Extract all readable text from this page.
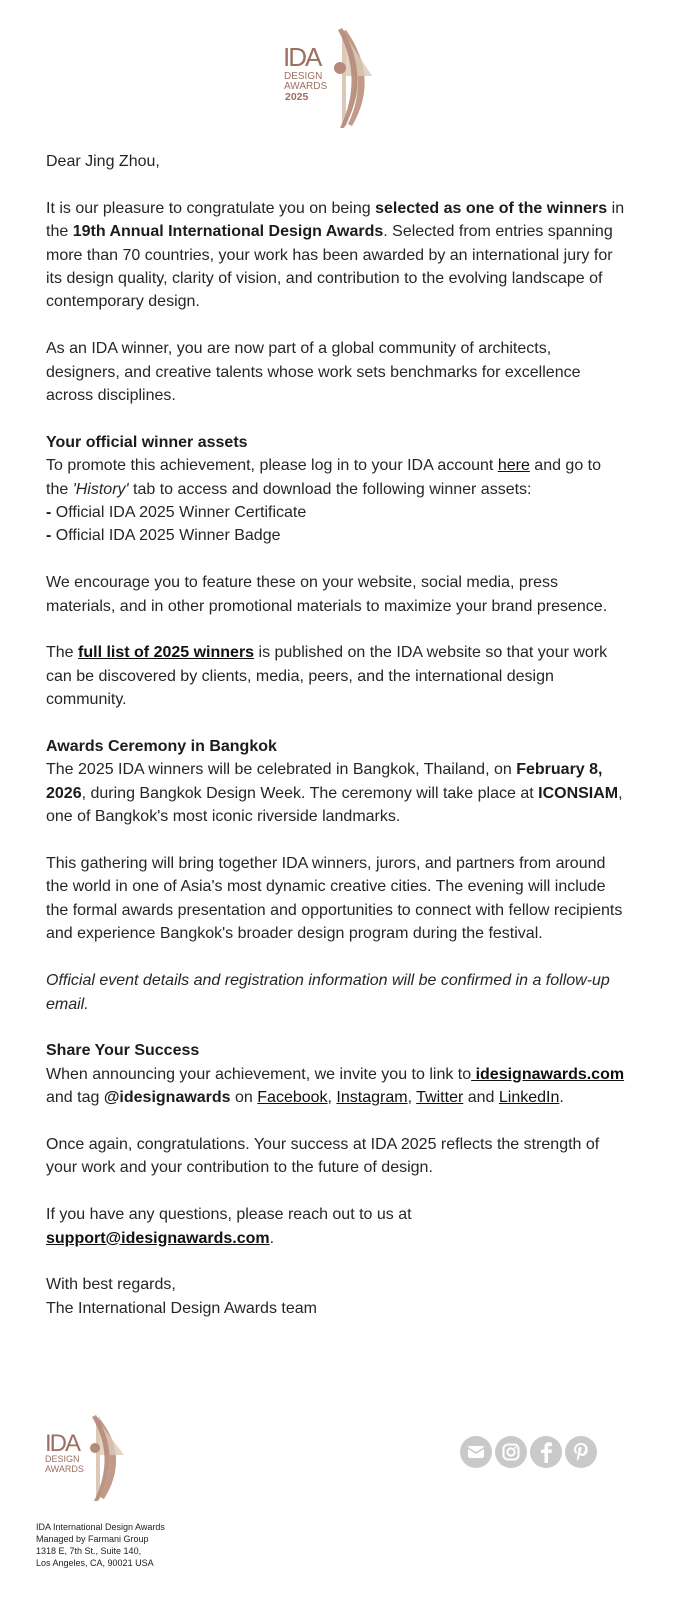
IDA
DESIGN
AWARDS
2025

Dear Jing Zhou,

It is our pleasure to congratulate you on being selected as one of the winners in the 19th Annual International Design Awards. Selected from entries spanning more than 70 countries, your work has been awarded by an international jury for its design quality, clarity of vision, and contribution to the evolving landscape of contemporary design.

As an IDA winner, you are now part of a global community of architects, designers, and creative talents whose work sets benchmarks for excellence across disciplines.

Your official winner assets
To promote this achievement, please log in to your IDA account here and go to the 'History' tab to access and download the following winner assets:
- Official IDA 2025 Winner Certificate
- Official IDA 2025 Winner Badge

We encourage you to feature these on your website, social media, press materials, and in other promotional materials to maximize your brand presence.

The full list of 2025 winners is published on the IDA website so that your work can be discovered by clients, media, peers, and the international design community.

Awards Ceremony in Bangkok
The 2025 IDA winners will be celebrated in Bangkok, Thailand, on February 8, 2026, during Bangkok Design Week. The ceremony will take place at ICONSIAM, one of Bangkok's most iconic riverside landmarks.

This gathering will bring together IDA winners, jurors, and partners from around the world in one of Asia's most dynamic creative cities. The evening will include the formal awards presentation and opportunities to connect with fellow recipients and experience Bangkok's broader design program during the festival.

Official event details and registration information will be confirmed in a follow-up email.

Share Your Success
When announcing your achievement, we invite you to link to idesignawards.com and tag @idesignawards on Facebook, Instagram, Twitter and LinkedIn.

Once again, congratulations. Your success at IDA 2025 reflects the strength of your work and your contribution to the future of design.

If you have any questions, please reach out to us at support@idesignawards.com.

With best regards,
The International Design Awards team
IDA
DESIGN
AWARDS
IDA International Design Awards
Managed by Farmani Group
1318 E, 7th St., Suite 140,
Los Angeles, CA, 90021 USA
